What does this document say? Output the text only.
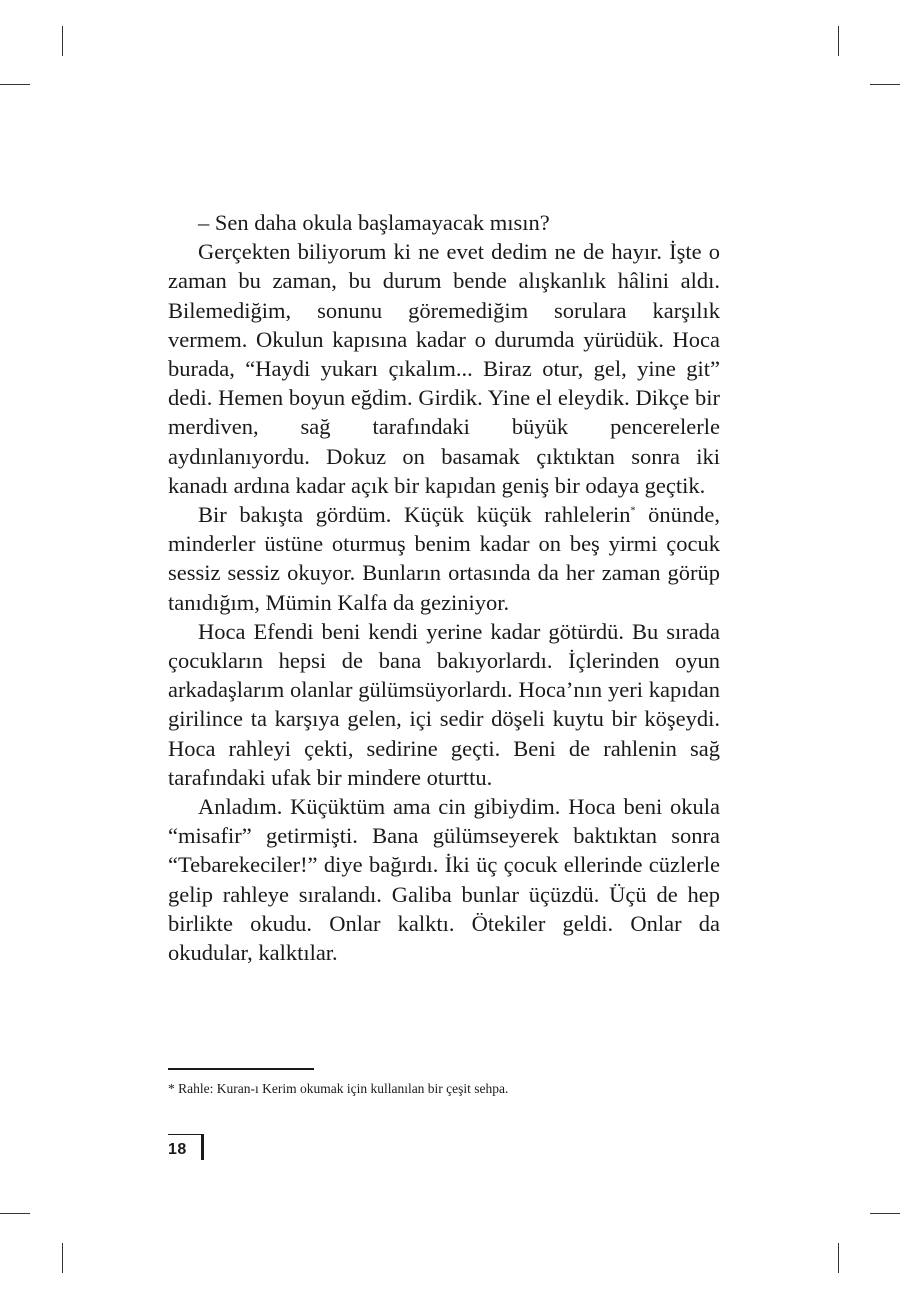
– Sen daha okula başlamayacak mısın?

Gerçekten biliyorum ki ne evet dedim ne de hayır. İşte o zaman bu zaman, bu durum bende alışkanlık hâlini aldı. Bilemediğim, sonunu göremediğim sorulara karşılık vermem. Okulun kapısına kadar o durumda yürüdük. Hoca burada, “Haydi yukarı çıkalım... Biraz otur, gel, yine git” dedi. Hemen boyun eğdim. Girdik. Yine el eleydik. Dikçe bir merdiven, sağ tarafındaki büyük pencerelerle aydınlanıyordu. Dokuz on basamak çıktıktan sonra iki kanadı ardına kadar açık bir kapıdan geniş bir odaya geçtik.

Bir bakışta gördüm. Küçük küçük rahlelerin* önünde, minderler üstüne oturmuş benim kadar on beş yirmi çocuk sessiz sessiz okuyor. Bunların ortasında da her zaman görüp tanıdığım, Mümin Kalfa da geziniyor.

Hoca Efendi beni kendi yerine kadar götürdü. Bu sırada çocukların hepsi de bana bakıyorlardı. İçlerinden oyun arkadaşlarım olanlar gülümsüyorlardı. Hoca’nın yeri kapıdan girilince ta karşıya gelen, içi sedir döşeli kuytu bir köşeydi. Hoca rahleyi çekti, sedirine geçti. Beni de rahlenin sağ tarafındaki ufak bir mindere oturttu.

Anladım. Küçüktüm ama cin gibiydim. Hoca beni okula “misafir” getirmişti. Bana gülümseyerek baktıktan sonra “Tebarekeciler!” diye bağırdı. İki üç çocuk ellerinde cüzlerle gelip rahleye sıralandı. Galiba bunlar üçüzdü. Üçü de hep birlikte okudu. Onlar kalktı. Ötekiler geldi. Onlar da okudular, kalktılar.

* Rahle: Kuran-ı Kerim okumak için kullanılan bir çeşit sehpa.

18
